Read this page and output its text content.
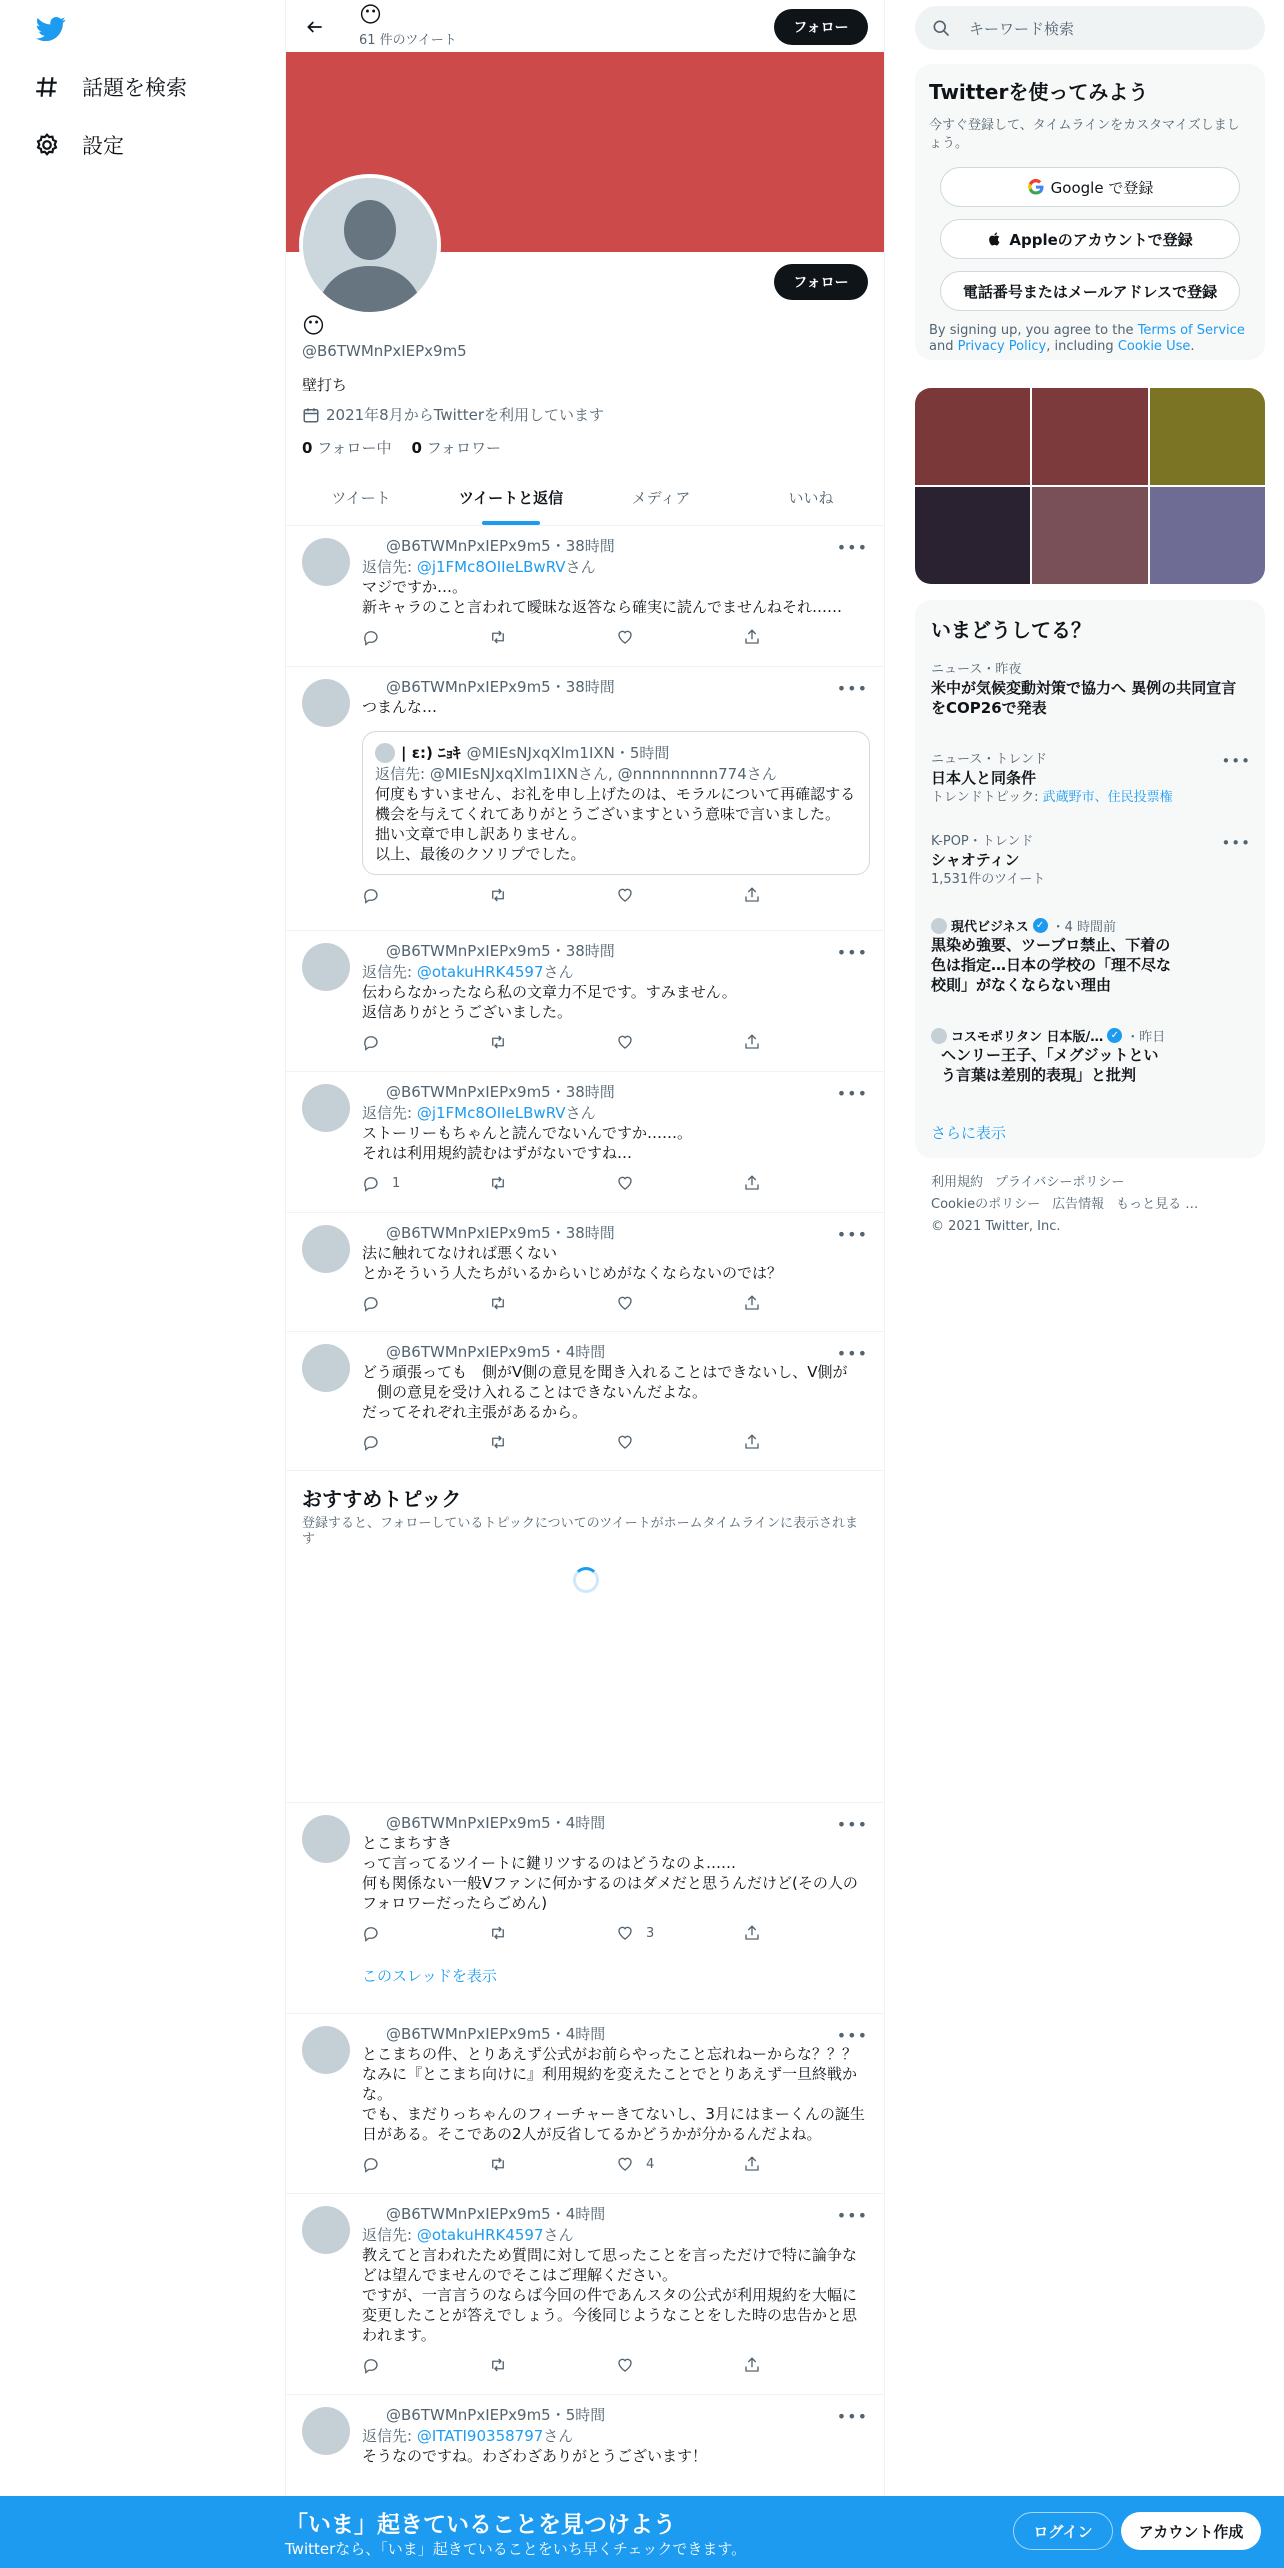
話題を検索
設定
😶
61 件のツイート
フォロー
フォロー
😶
@B6TWMnPxIEPx9m5
壁打ち
2021年8月からTwitterを利用しています
0 フォロー中 0 フォロワー
ツイート	ツイートと返信	メディア	いいね
•••
@B6TWMnPxIEPx9m5・38時間
返信先: @j1FMc8OIIeLBwRVさん
マジですか…。
新キャラのこと言われて曖昧な返答なら確実に読んでませんねそれ……
•••
@B6TWMnPxIEPx9m5・38時間
つまんな…
| ε:) ﾆｮｷ @MIEsNJxqXlm1IXN・5時間
返信先: @MIEsNJxqXlm1IXNさん, @nnnnnnnnn774さん
何度もすいません、お礼を申し上げたのは、モラルについて再確認する機会を与えてくれてありがとうございますという意味で言いました。
拙い文章で申し訳ありません。
以上、最後のクソリプでした。
•••
@B6TWMnPxIEPx9m5・38時間
返信先: @otakuHRK4597さん
伝わらなかったなら私の文章力不足です。すみません。
返信ありがとうございました。
•••
@B6TWMnPxIEPx9m5・38時間
返信先: @j1FMc8OIIeLBwRVさん
ストーリーもちゃんと読んでないんですか……。
それは利用規約読むはずがないですね…
1
•••
@B6TWMnPxIEPx9m5・38時間
法に触れてなければ悪くない
とかそういう人たちがいるからいじめがなくならないのでは？
•••
@B6TWMnPxIEPx9m5・4時間
どう頑張っても　側がV側の意見を聞き入れることはできないし、V側が
　側の意見を受け入れることはできないんだよな。
だってそれぞれ主張があるから。
おすすめトピック

登録すると、フォローしているトピックについてのツイートがホームタイムラインに表示されます

•••
@B6TWMnPxIEPx9m5・4時間
とこまちすき
って言ってるツイートに鍵リツするのはどうなのよ……
何も関係ない一般Vファンに何かするのはダメだと思うんだけど(その人のフォロワーだったらごめん)
3
このスレッドを表示
•••
@B6TWMnPxIEPx9m5・4時間
とこまちの件、とりあえず公式がお前らやったこと忘れねーからな？？？なみに『とこまち向けに』利用規約を変えたことでとりあえず一旦終戦かな。
でも、まだりっちゃんのフィーチャーきてないし、3月にはまーくんの誕生日がある。そこであの2人が反省してるかどうかが分かるんだよね。
4
•••
@B6TWMnPxIEPx9m5・4時間
返信先: @otakuHRK4597さん
教えてと言われたため質問に対して思ったことを言っただけで特に論争などは望んでませんのでそこはご理解ください。
ですが、一言言うのならば今回の件であんスタの公式が利用規約を大幅に変更したことが答えでしょう。今後同じようなことをした時の忠告かと思われます。
•••
@B6TWMnPxIEPx9m5・5時間
返信先: @ITATI90358797さん
そうなのですね。わざわざありがとうございます！
キーワード検索
Twitterを使ってみよう
今すぐ登録して、タイムラインをカスタマイズしましょう。
Google で登録
Appleのアカウントで登録
電話番号またはメールアドレスで登録
By signing up, you agree to the Terms of Service and Privacy Policy, including Cookie Use.
いまどうしてる？
ニュース・昨夜
米中が気候変動対策で協力へ 異例の共同宣言をCOP26で発表
•••
ニュース・トレンド
日本人と同条件
トレンドトピック: 武蔵野市、住民投票権
•••
K-POP・トレンド
シャオティン
1,531件のツイート
現代ビジネス ✓ ・4 時間前
黒染め強要、ツーブロ禁止、下着の色は指定…日本の学校の「理不尽な校則」がなくならない理由
コスモポリタン 日本版/… ✓ ・昨日
ヘンリー王子、「メグジットという言葉は差別的表現」と批判
さらに表示
利用規約 プライバシーポリシー
Cookieのポリシー 広告情報 もっと見る …
© 2021 Twitter, Inc.
「いま」起きていることを見つけよう
Twitterなら、「いま」起きていることをいち早くチェックできます。
ログイン	アカウント作成
